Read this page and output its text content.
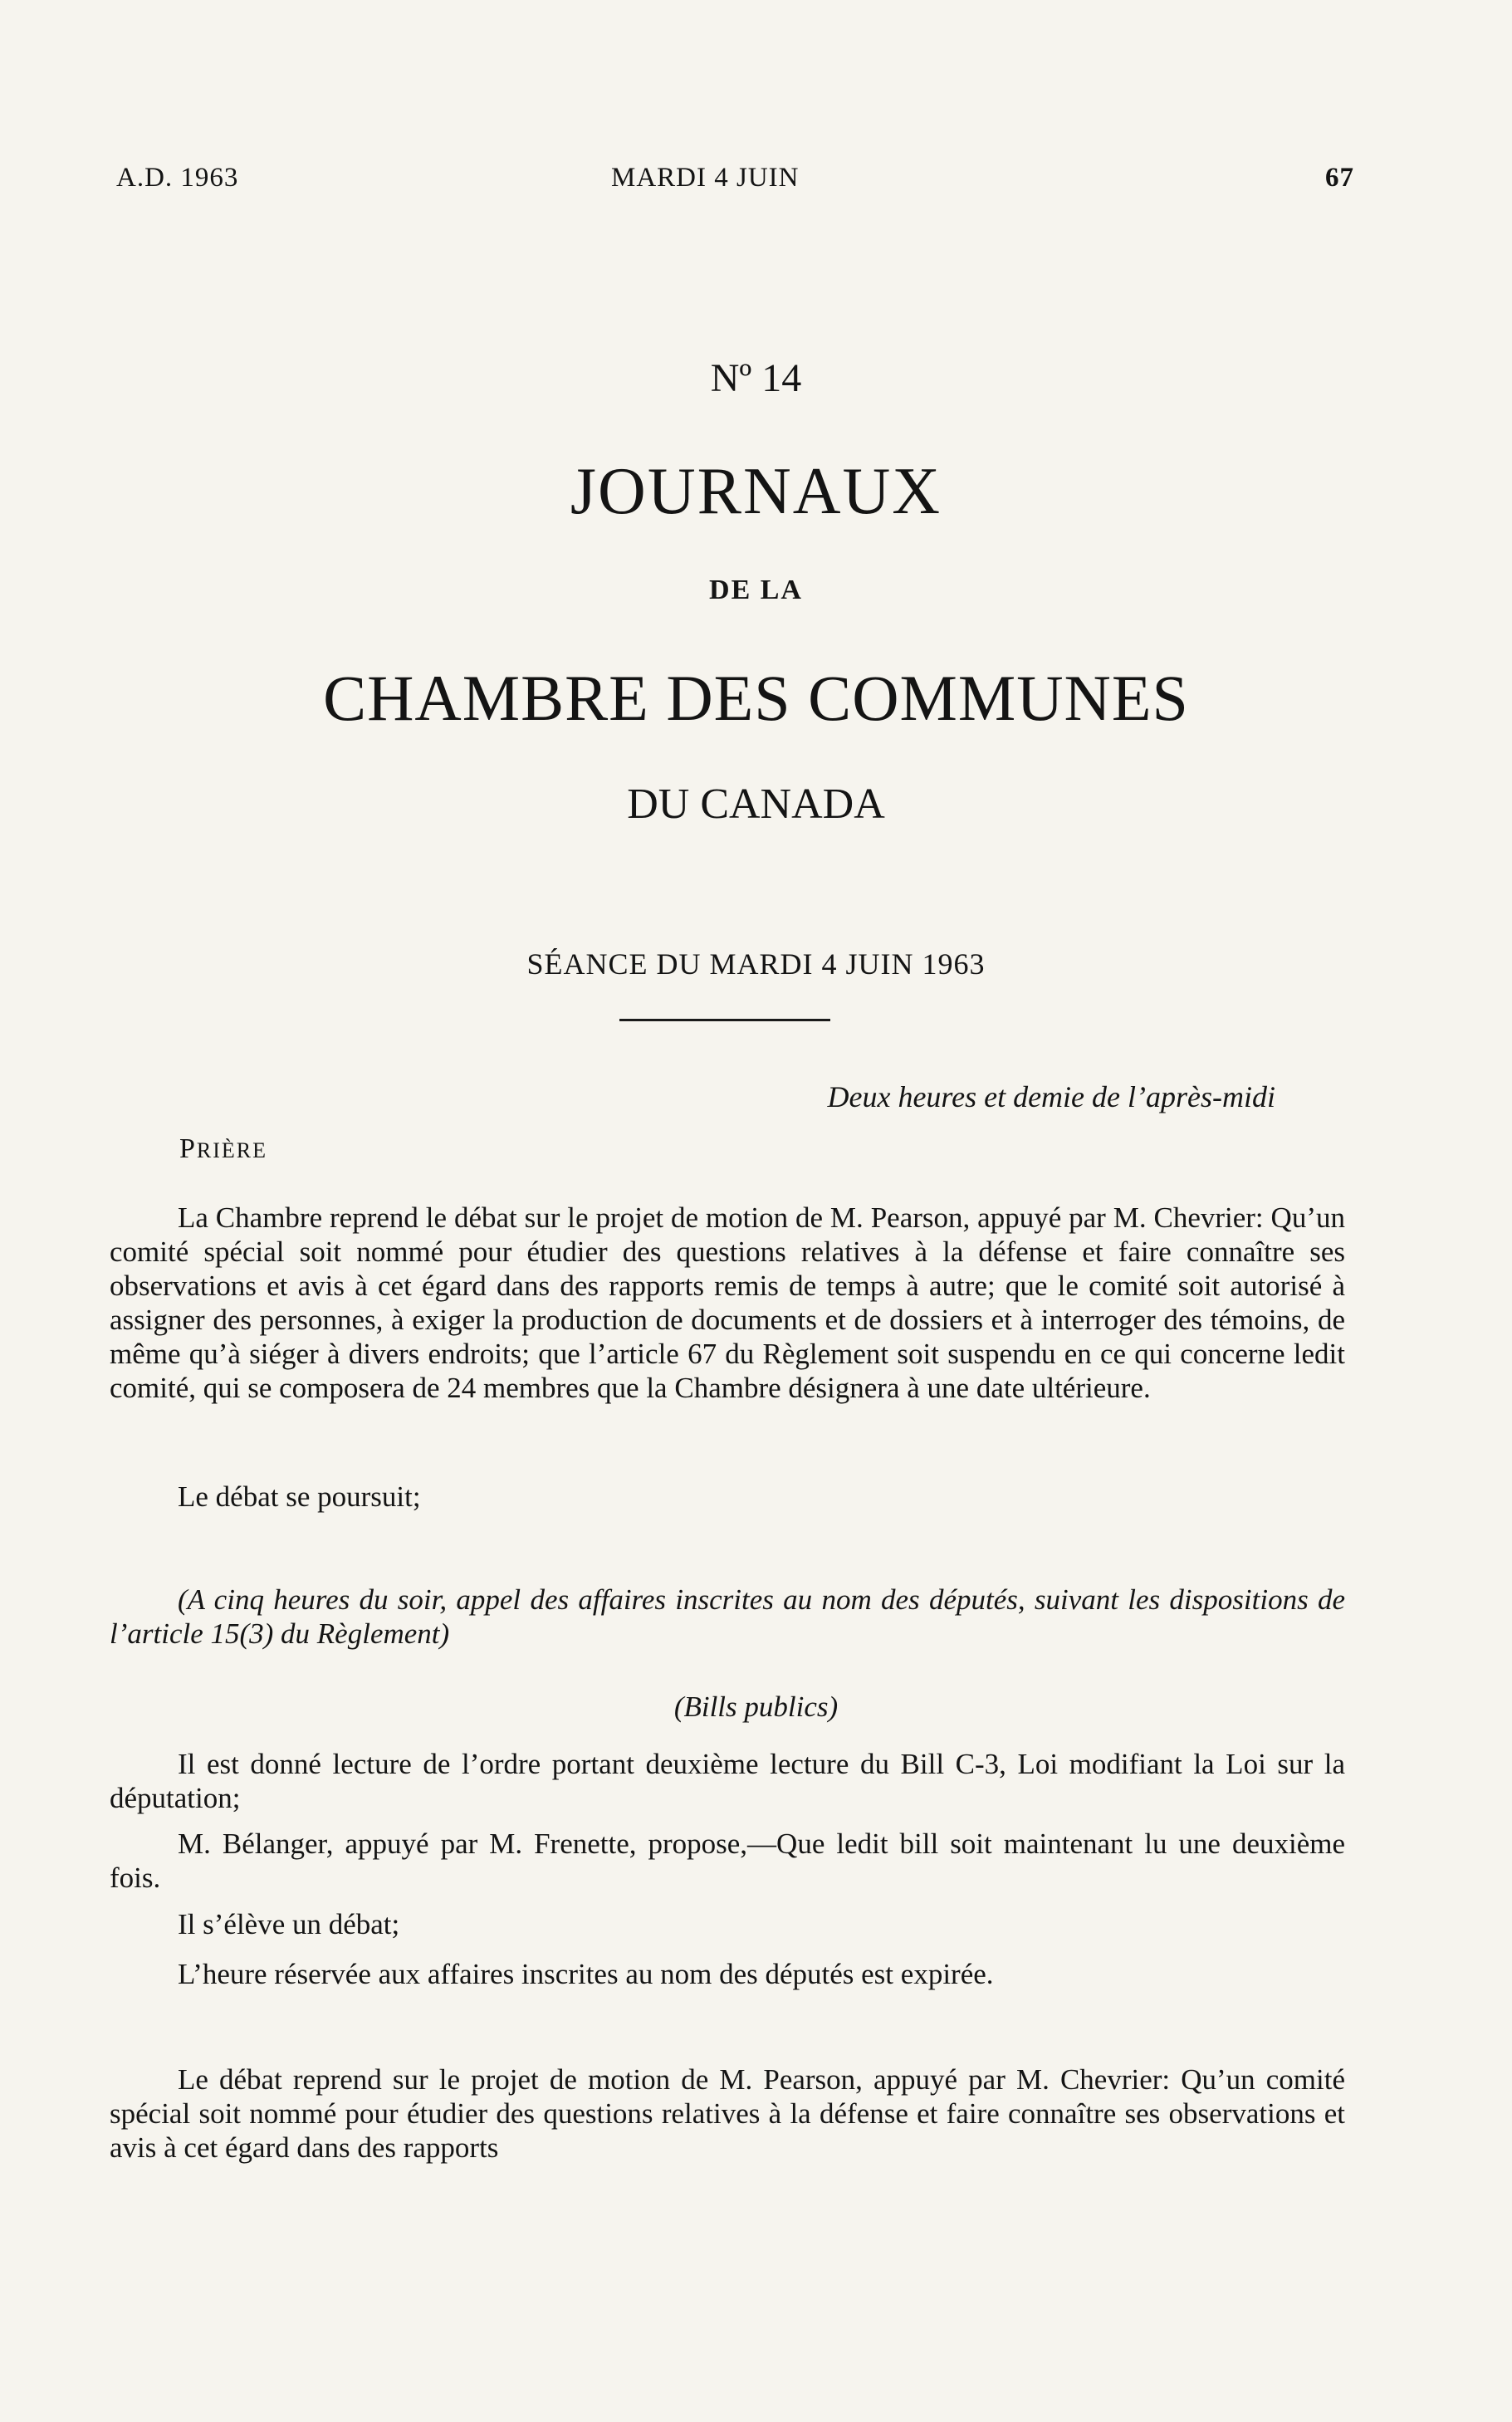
A.D. 1963	MARDI 4 JUIN	67
Nº 14
JOURNAUX
DE LA
CHAMBRE DES COMMUNES
DU CANADA
SÉANCE DU MARDI 4 JUIN 1963
Deux heures et demie de l’après-midi
PRIÈRE
La Chambre reprend le débat sur le projet de motion de M. Pearson, appuyé par M. Chevrier: Qu’un comité spécial soit nommé pour étudier des questions relatives à la défense et faire connaître ses observations et avis à cet égard dans des rapports remis de temps à autre; que le comité soit autorisé à assigner des personnes, à exiger la production de documents et de dossiers et à interroger des témoins, de même qu’à siéger à divers endroits; que l’article 67 du Règlement soit suspendu en ce qui concerne ledit comité, qui se composera de 24 membres que la Chambre désignera à une date ultérieure.
Le débat se poursuit;
(A cinq heures du soir, appel des affaires inscrites au nom des députés, suivant les dispositions de l’article 15(3) du Règlement)
(Bills publics)
Il est donné lecture de l’ordre portant deuxième lecture du Bill C-3, Loi modifiant la Loi sur la députation;
M. Bélanger, appuyé par M. Frenette, propose,—Que ledit bill soit maintenant lu une deuxième fois.
Il s’élève un débat;
L’heure réservée aux affaires inscrites au nom des députés est expirée.
Le débat reprend sur le projet de motion de M. Pearson, appuyé par M. Chevrier: Qu’un comité spécial soit nommé pour étudier des questions relatives à la défense et faire connaître ses observations et avis à cet égard dans des rapports
